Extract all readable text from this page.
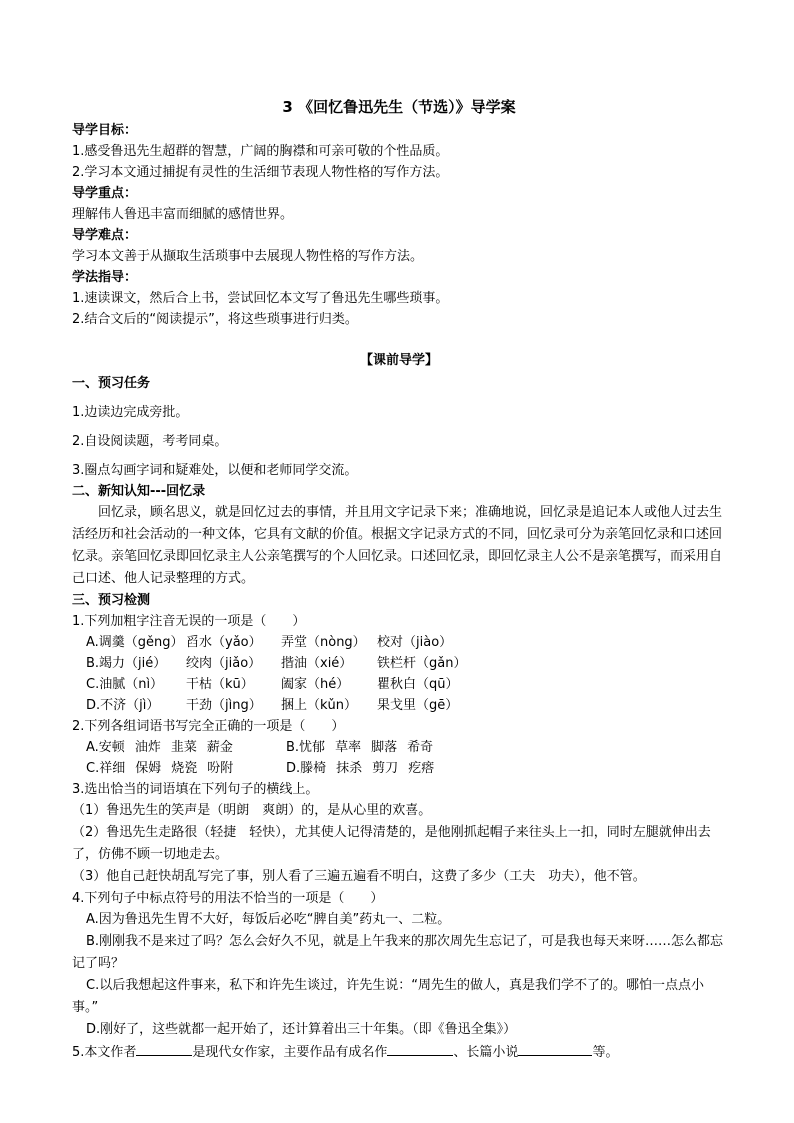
3 《回忆鲁迅先生（节选）》导学案
导学目标：
1.感受鲁迅先生超群的智慧，广阔的胸襟和可亲可敬的个性品质。
2.学习本文通过捕捉有灵性的生活细节表现人物性格的写作方法。
导学重点：
理解伟人鲁迅丰富而细腻的感情世界。
导学难点：
学习本文善于从撷取生活琐事中去展现人物性格的写作方法。
学法指导：
1.速读课文，然后合上书，尝试回忆本文写了鲁迅先生哪些琐事。
2.结合文后的“阅读提示”，将这些琐事进行归类。
【课前导学】
一、预习任务
1.边读边完成旁批。
2.自设阅读题，考考同桌。
3.圈点勾画字词和疑难处，以便和老师同学交流。
二、新知认知---回忆录
回忆录，顾名思义，就是回忆过去的事情，并且用文字记录下来；准确地说，回忆录是追记本人或他人过去生活经历和社会活动的一种文体，它具有文献的价值。根据文字记录方式的不同，回忆录可分为亲笔回忆录和口述回忆录。亲笔回忆录即回忆录主人公亲笔撰写的个人回忆录。口述回忆录，即回忆录主人公不是亲笔撰写，而采用自己口述、他人记录整理的方式。
三、预习检测
1.下列加粗字注音无误的一项是（　　）
A.调羹（gěng） 舀水（yǎo） 弄堂（nòng） 校对（jiào）
B.竭力（jié） 绞肉（jiǎo） 揩油（xié） 铁栏杆（gǎn）
C.油腻（nì） 干枯（kū） 阖家（hé） 瞿秋白（qū）
D.不济（jì） 干劲（jìng） 捆上（kǔn） 果戈里（gē）
2.下列各组词语书写完全正确的一项是（　　）
A.安顿 油炸 韭菜 薪金	B.忧郁 草率 脚落 希奇
C.祥细 保姆 烧瓷 吩附	D.滕椅 抹杀 剪刀 疙瘩
3.选出恰当的词语填在下列句子的横线上。
（1）鲁迅先生的笑声是（明朗　爽朗）的，是从心里的欢喜。
（2）鲁迅先生走路很（轻捷　轻快），尤其使人记得清楚的，是他刚抓起帽子来往头上一扣，同时左腿就伸出去了，仿佛不顾一切地走去。
（3）他自己赶快胡乱写完了事，别人看了三遍五遍看不明白，这费了多少（工夫　功夫），他不管。
4.下列句子中标点符号的用法不恰当的一项是（　　）
A.因为鲁迅先生胃不大好，每饭后必吃“脾自美”药丸一、二粒。
B.刚刚我不是来过了吗？怎么会好久不见，就是上午我来的那次周先生忘记了，可是我也每天来呀……怎么都忘记了吗？
C.以后我想起这件事来，私下和许先生谈过，许先生说：“周先生的做人，真是我们学不了的。哪怕一点点小事。”
D.刚好了，这些就都一起开始了，还计算着出三十年集。（即《鲁迅全集》）
5.本文作者	是现代女作家，主要作品有成名作	、长篇小说	等。
